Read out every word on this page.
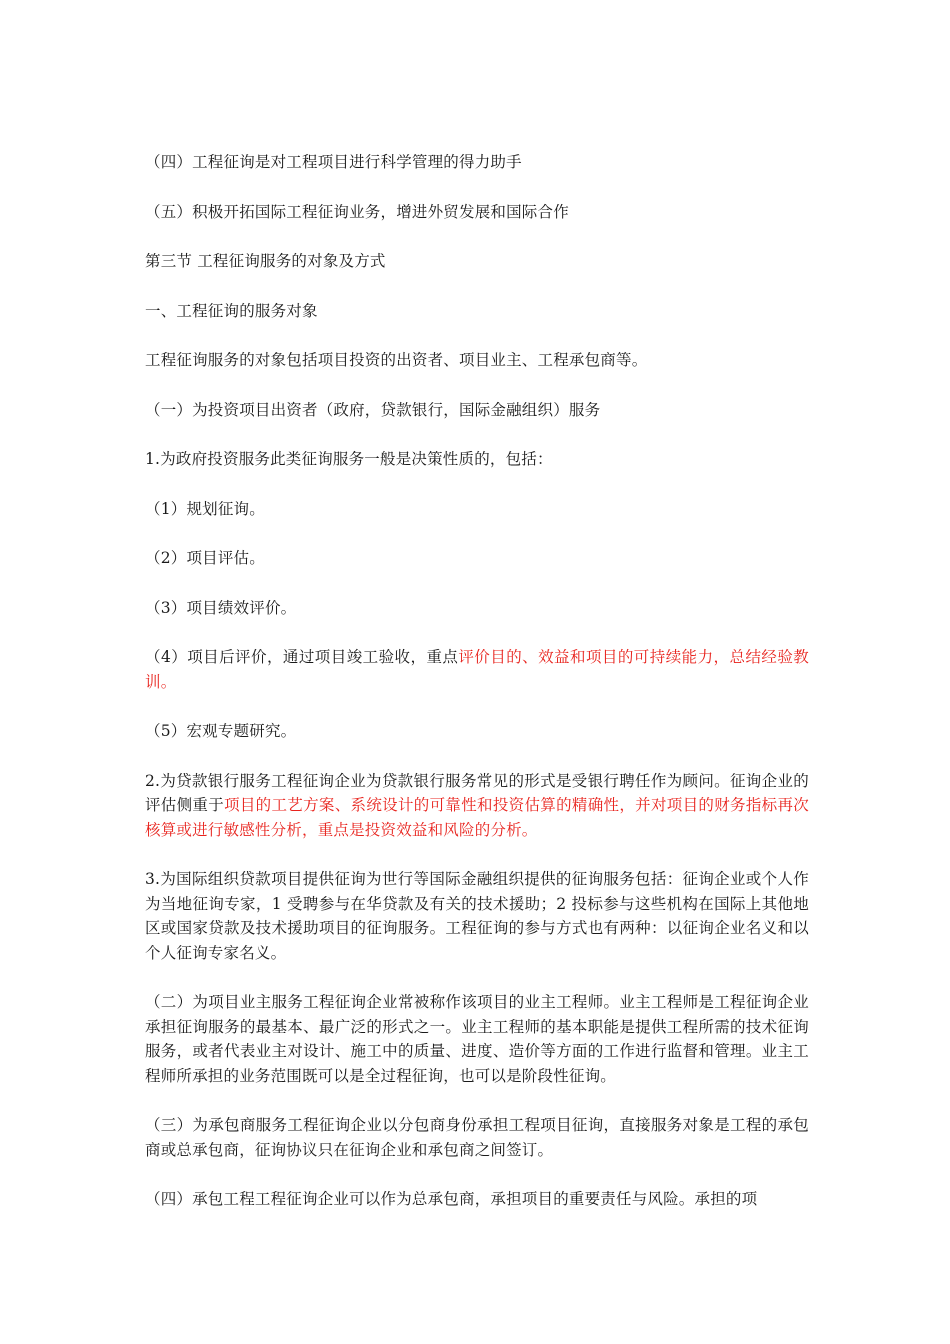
（四）工程征询是对工程项目进行科学管理的得力助手

（五）积极开拓国际工程征询业务，增进外贸发展和国际合作

第三节 工程征询服务的对象及方式

一、工程征询的服务对象

工程征询服务的对象包括项目投资的出资者、项目业主、工程承包商等。

（一）为投资项目出资者（政府，贷款银行，国际金融组织）服务

1.为政府投资服务此类征询服务一般是决策性质的，包括：

（1）规划征询。

（2）项目评估。

（3）项目绩效评价。

（4）项目后评价，通过项目竣工验收，重点评价目的、效益和项目的可持续能力，总结经验教训。

（5）宏观专题研究。

2.为贷款银行服务工程征询企业为贷款银行服务常见的形式是受银行聘任作为顾问。征询企业的评估侧重于项目的工艺方案、系统设计的可靠性和投资估算的精确性，并对项目的财务指标再次核算或进行敏感性分析，重点是投资效益和风险的分析。

3.为国际组织贷款项目提供征询为世行等国际金融组织提供的征询服务包括：征询企业或个人作为当地征询专家，1 受聘参与在华贷款及有关的技术援助；2 投标参与这些机构在国际上其他地区或国家贷款及技术援助项目的征询服务。工程征询的参与方式也有两种：以征询企业名义和以个人征询专家名义。

（二）为项目业主服务工程征询企业常被称作该项目的业主工程师。业主工程师是工程征询企业承担征询服务的最基本、最广泛的形式之一。业主工程师的基本职能是提供工程所需的技术征询服务，或者代表业主对设计、施工中的质量、进度、造价等方面的工作进行监督和管理。业主工程师所承担的业务范围既可以是全过程征询，也可以是阶段性征询。

（三）为承包商服务工程征询企业以分包商身份承担工程项目征询，直接服务对象是工程的承包商或总承包商，征询协议只在征询企业和承包商之间签订。

（四）承包工程工程征询企业可以作为总承包商，承担项目的重要责任与风险。承担的项
